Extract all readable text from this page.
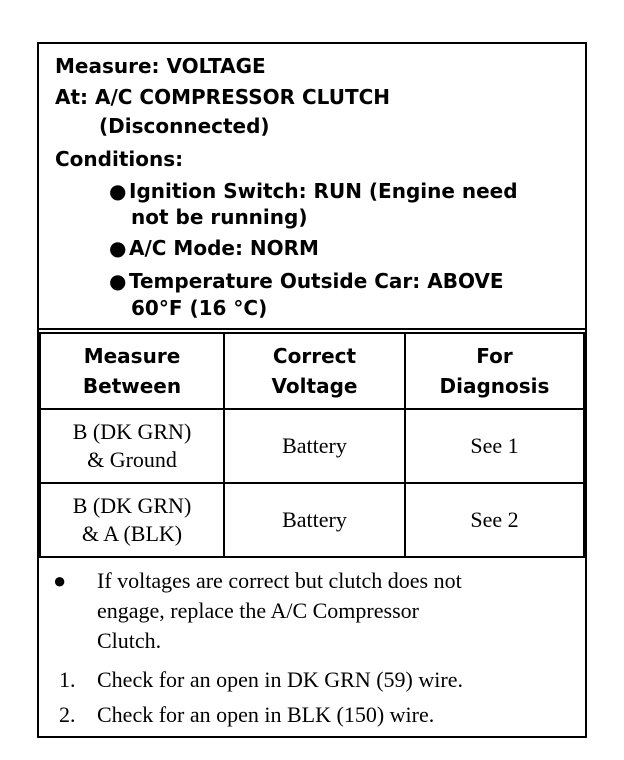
Measure: VOLTAGE
At: A/C COMPRESSOR CLUTCH
(Disconnected)
Conditions:
● Ignition Switch: RUN (Engine need
not be running)
● A/C Mode: NORM
● Temperature Outside Car: ABOVE
60°F (16 °C)
Measure
Between
Correct
Voltage
For
Diagnosis
B (DK GRN)
& Ground
Battery	See 1
B (DK GRN)
& A (BLK)
Battery	See 2
● If voltages are correct but clutch does not
engage, replace the A/C Compressor
Clutch.
1. Check for an open in DK GRN (59) wire.
2. Check for an open in BLK (150) wire.
